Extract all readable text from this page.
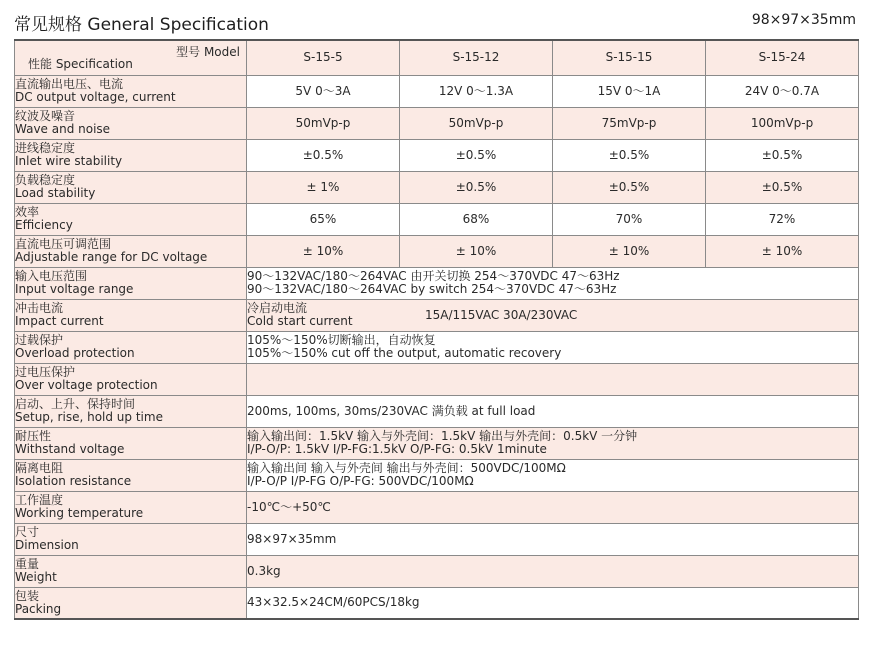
常见规格 General Specification	98×97×35mm
型号 Model
性能 Specification	S-15-5	S-15-12	S-15-15	S-15-24

直流输出电压、电流
DC output voltage, current	5V 0～3A	12V 0～1.3A	15V 0～1A	24V 0～0.7A

纹波及噪音
Wave and noise	50mVp-p	50mVp-p	75mVp-p	100mVp-p

进线稳定度
Inlet wire stability	±0.5%	±0.5%	±0.5%	±0.5%

负载稳定度
Load stability	± 1%	±0.5%	±0.5%	±0.5%

效率
Efficiency	65%	68%	70%	72%

直流电压可调范围
Adjustable range for DC voltage	± 10%	± 10%	± 10%	± 10%

输入电压范围
Input voltage range	90～132VAC/180～264VAC 由开关切换 254～370VDC 47～63Hz
90～132VAC/180～264VAC by switch 254～370VDC 47～63Hz			

冲击电流
Impact current	冷启动电流
Cold start current 15A/115VAC 30A/230VAC			

过载保护
Overload protection	105%～150%切断输出，自动恢复
105%～150% cut off the output, automatic recovery			

过电压保护
Over voltage protection				

启动、上升、保持时间
Setup, rise, hold up time	200ms, 100ms, 30ms/230VAC 满负载 at full load			

耐压性
Withstand voltage	输入输出间：1.5kV 输入与外壳间：1.5kV 输出与外壳间：0.5kV 一分钟
I/P-O/P: 1.5kV I/P-FG:1.5kV O/P-FG: 0.5kV 1minute			

隔离电阻
Isolation resistance	输入输出间 输入与外壳间 输出与外壳间：500VDC/100MΩ
I/P-O/P I/P-FG O/P-FG: 500VDC/100MΩ			

工作温度
Working temperature	-10℃～+50℃			

尺寸
Dimension	98×97×35mm			

重量
Weight	0.3kg			

包装
Packing	43×32.5×24CM/60PCS/18kg			
